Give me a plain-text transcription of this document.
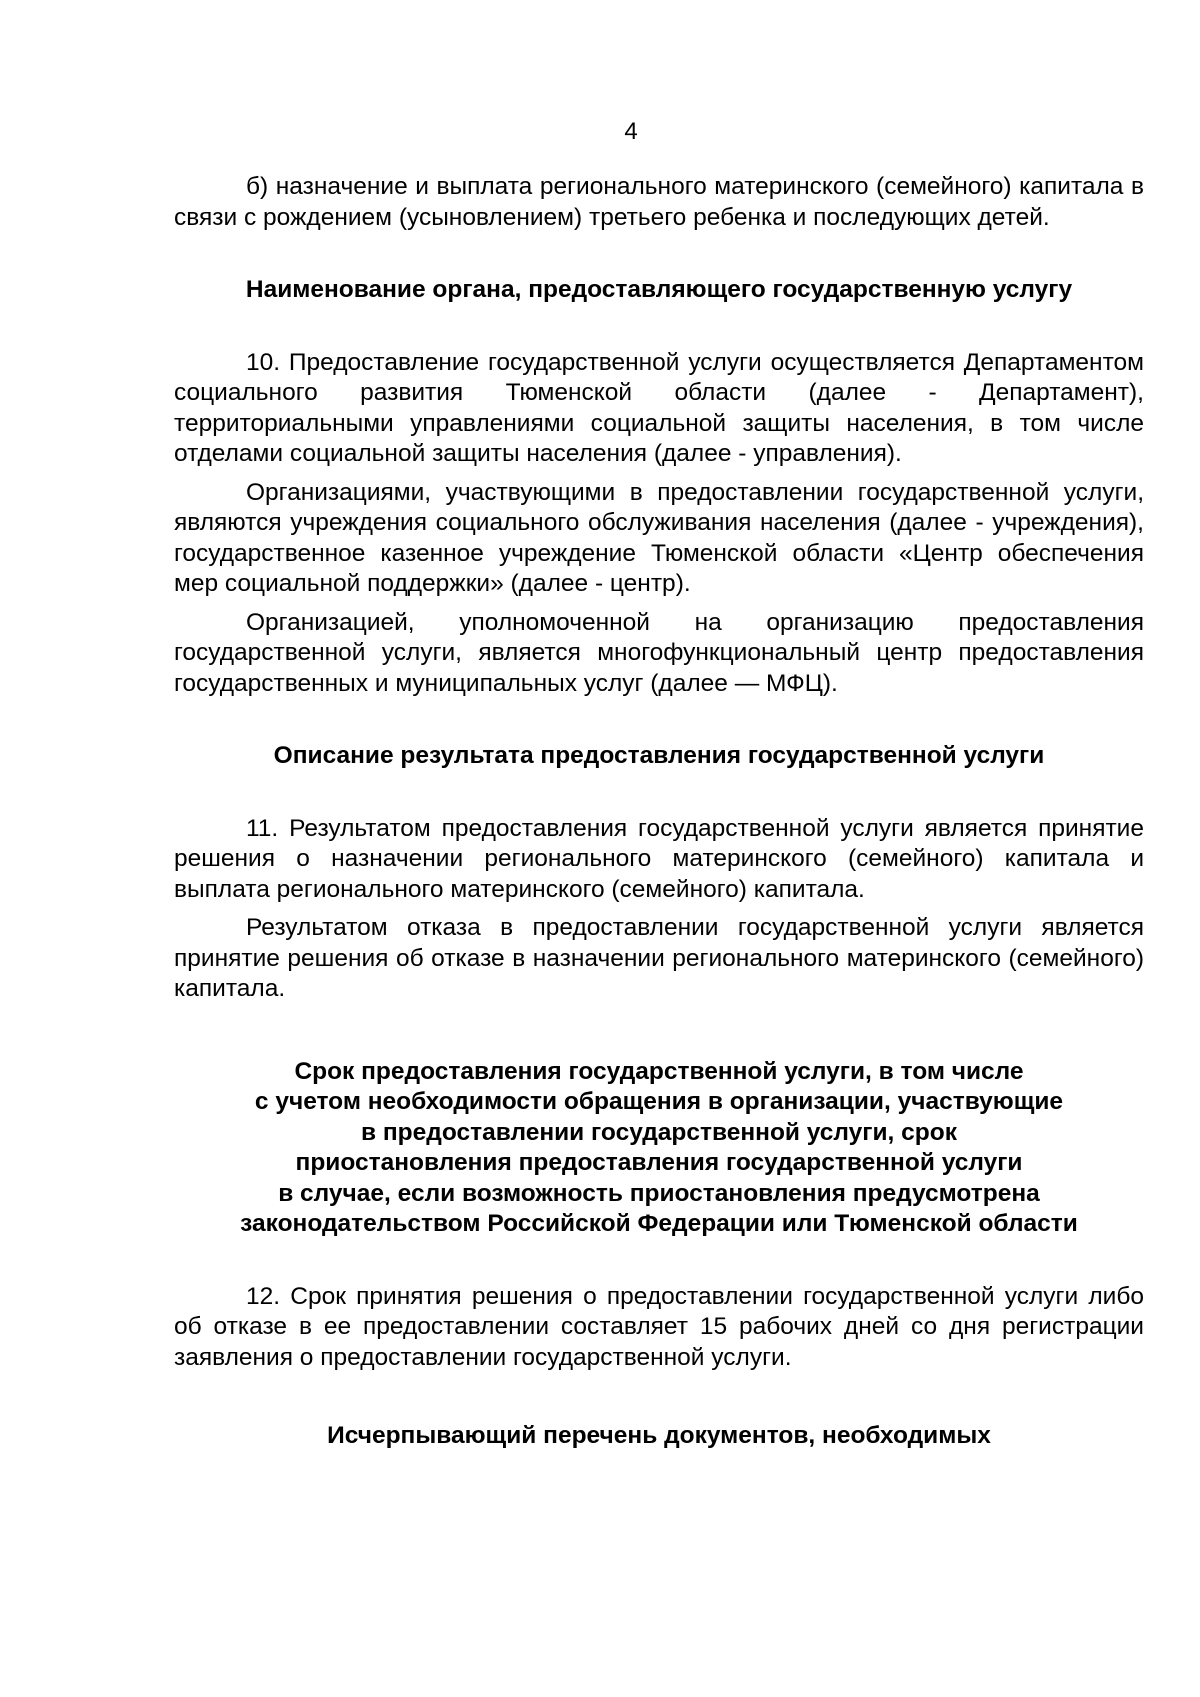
4

б) назначение и выплата регионального материнского (семейного) капитала в связи с рождением (усыновлением) третьего ребенка и последующих детей.

Наименование органа, предоставляющего государственную услугу

10. Предоставление государственной услуги осуществляется Департаментом социального развития Тюменской области (далее - Департамент), территориальными управлениями социальной защиты населения, в том числе отделами социальной защиты населения (далее - управления).

Организациями, участвующими в предоставлении государственной услуги, являются учреждения социального обслуживания населения (далее - учреждения), государственное казенное учреждение Тюменской области «Центр обеспечения мер социальной поддержки» (далее - центр).

Организацией, уполномоченной на организацию предоставления государственной услуги, является многофункциональный центр предоставления государственных и муниципальных услуг (далее — МФЦ).

Описание результата предоставления государственной услуги

11. Результатом предоставления государственной услуги является принятие решения о назначении регионального материнского (семейного) капитала и выплата регионального материнского (семейного) капитала.

Результатом отказа в предоставлении государственной услуги является принятие решения об отказе в назначении регионального материнского (семейного) капитала.

Срок предоставления государственной услуги, в том числе
с учетом необходимости обращения в организации, участвующие
в предоставлении государственной услуги, срок
приостановления предоставления государственной услуги
в случае, если возможность приостановления предусмотрена
законодательством Российской Федерации или Тюменской области

12. Срок принятия решения о предоставлении государственной услуги либо об отказе в ее предоставлении составляет 15 рабочих дней со дня регистрации заявления о предоставлении государственной услуги.

Исчерпывающий перечень документов, необходимых
